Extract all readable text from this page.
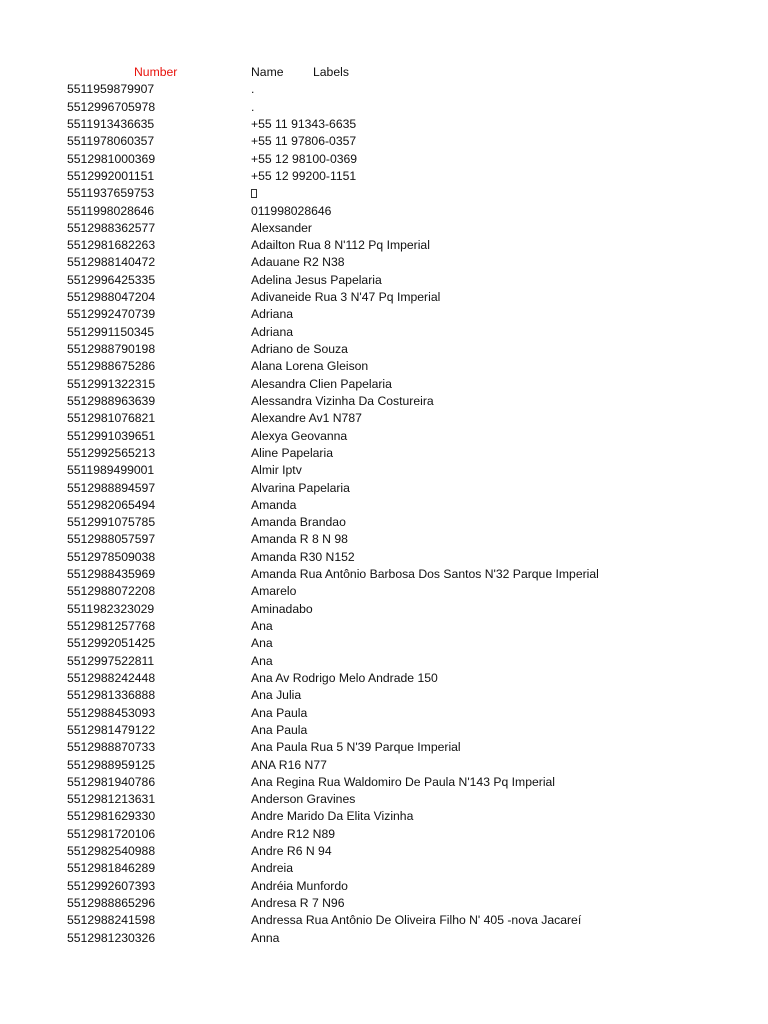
Number	Name Labels
5511959879907	.
5512996705978	.
5511913436635	+55 11 91343-6635
5511978060357	+55 11 97806-0357
5512981000369	+55 12 98100-0369
5512992001151	+55 12 99200-1151
5511937659753
5511998028646	011998028646
5512988362577	Alexsander
5512981682263	Adailton Rua 8 N'112 Pq Imperial
5512988140472	Adauane R2 N38
5512996425335	Adelina Jesus Papelaria
5512988047204	Adivaneide Rua 3 N'47 Pq Imperial
5512992470739	Adriana
5512991150345	Adriana
5512988790198	Adriano de Souza
5512988675286	Alana Lorena Gleison
5512991322315	Alesandra Clien Papelaria
5512988963639	Alessandra Vizinha Da Costureira
5512981076821	Alexandre Av1 N787
5512991039651	Alexya Geovanna
5512992565213	Aline Papelaria
5511989499001	Almir Iptv
5512988894597	Alvarina Papelaria
5512982065494	Amanda
5512991075785	Amanda Brandao
5512988057597	Amanda R 8 N 98
5512978509038	Amanda R30 N152
5512988435969	Amanda Rua Antônio Barbosa Dos Santos N'32 Parque Imperial
5512988072208	Amarelo
5511982323029	Aminadabo
5512981257768	Ana
5512992051425	Ana
5512997522811	Ana
5512988242448	Ana Av Rodrigo Melo Andrade 150
5512981336888	Ana Julia
5512988453093	Ana Paula
5512981479122	Ana Paula
5512988870733	Ana Paula Rua 5 N'39 Parque Imperial
5512988959125	ANA R16 N77
5512981940786	Ana Regina Rua Waldomiro De Paula N'143 Pq Imperial
5512981213631	Anderson Gravines
5512981629330	Andre Marido Da Elita Vizinha
5512981720106	Andre R12 N89
5512982540988	Andre R6 N 94
5512981846289	Andreia
5512992607393	Andréia Munfordo
5512988865296	Andresa R 7 N96
5512988241598	Andressa Rua Antônio De Oliveira Filho N' 405 -nova Jacareí
5512981230326	Anna
